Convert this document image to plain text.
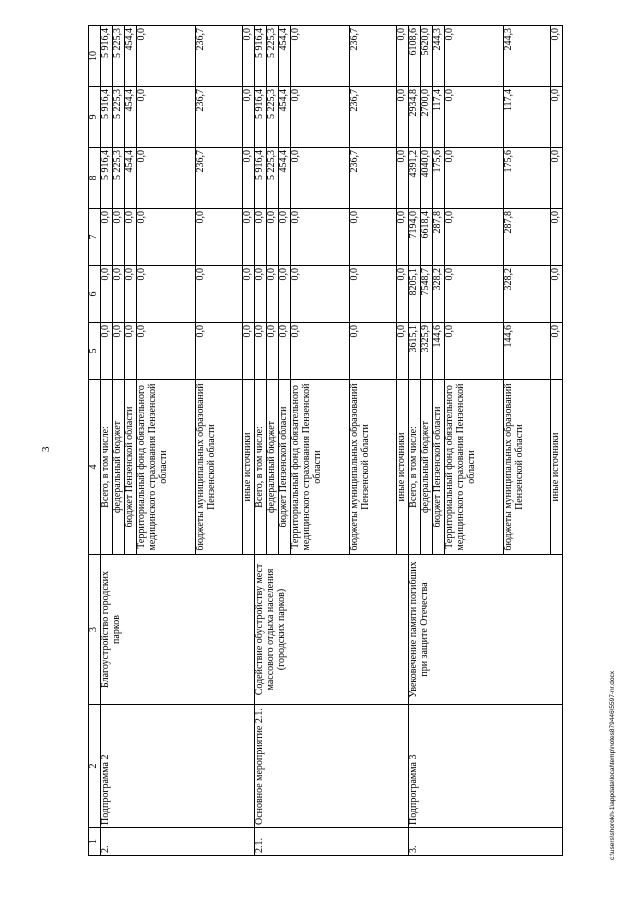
3
1	2	3	4	5	6	7	8	9	10
2.	Подпрограмма 2	Благоустройство городских парков	Всего, в том числе:	0,0	0,0	0,0	5 916,4	5 916,4	5 916,4
			федеральный бюджет	0,0	0,0	0,0	5 225,3	5 225,3	5 225,3
			бюджет Пензенской области	0,0	0,0	0,0	454,4	454,4	454,4
			Территориальный фонд обязательного медицинского страхования Пензенской области	0,0	0,0	0,0	0,0	0,0	0,0
			бюджеты муниципальных образований Пензенской области	0,0	0,0	0,0	236,7	236,7	236,7
			иные источники	0,0	0,0	0,0	0,0	0,0	0,0
2.1.	Основное мероприятие 2.1.	Содействие обустройству мест массового отдыха населения (городских парков)	Всего, в том числе:	0,0	0,0	0,0	5 916,4	5 916,4	5 916,4
			федеральный бюджет	0,0	0,0	0,0	5 225,3	5 225,3	5 225,3
			бюджет Пензенской области	0,0	0,0	0,0	454,4	454,4	454,4
			Территориальный фонд обязательного медицинского страхования Пензенской области	0,0	0,0	0,0	0,0	0,0	0,0
			бюджеты муниципальных образований Пензенской области	0,0	0,0	0,0	236,7	236,7	236,7
			иные источники	0,0	0,0	0,0	0,0	0,0	0,0
3.	Подпрограмма 3	Увековечение памяти погибших при защите Отечества	Всего, в том числе:	3615,1	8205,1	7194,0	4391,2	2934,8	6108,6
			федеральный бюджет	3325,9	7548,7	6618,4	4040,0	2700,0	5620,0
			бюджет Пензенской области	144,6	328,2	287,8	175,6	117,4	244,3
			Территориальный фонд обязательного медицинского страхования Пензенской области	0,0	0,0	0,0	0,0	0,0	0,0
			бюджеты муниципальных образований Пензенской области	144,6	328,2	287,8	175,6	117,4	244,3
			иные источники	0,0	0,0	0,0	0,0	0,0	0,0
c:\users\shorokh-1\appdata\local\temp\notes879446\5597-nr.docx
